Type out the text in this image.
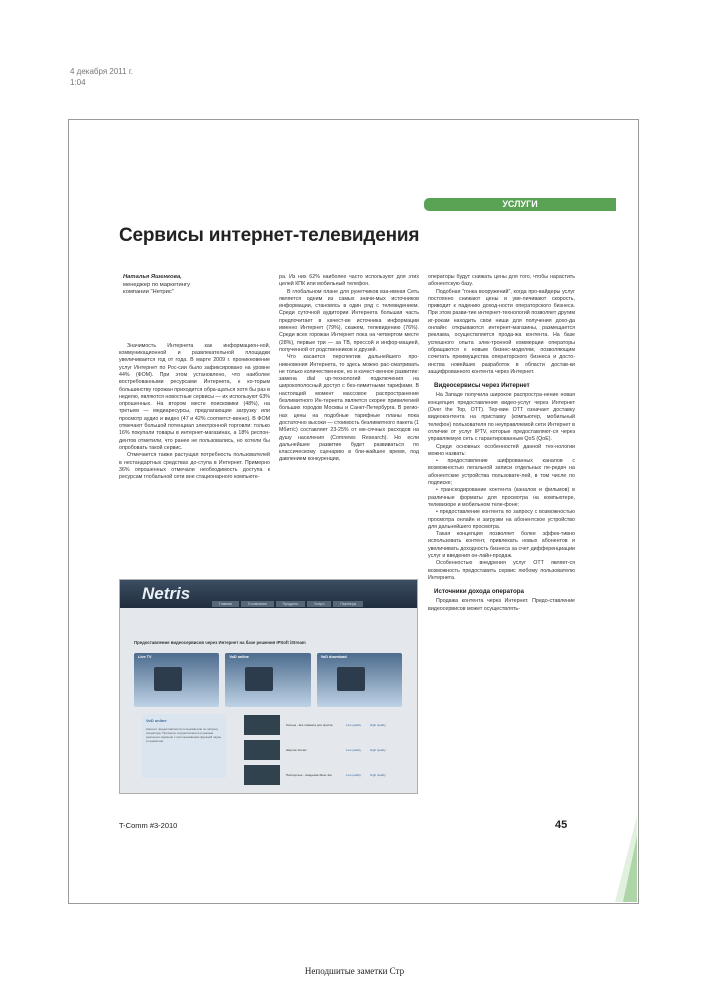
4 декабря 2011 г.
1:04
УСЛУГИ
Сервисы интернет-телевидения
Наталья Яшенкова,
менеджер по маркетингу
компании "Нетрис"

Значимость Интернета как информацион-ной, коммуникационной и развлекательной площадки увеличивается год от года. В марте 2009 г. проникновение услуг Интернет по Рос-сии было зафиксировано на уровне 44% (ФОМ). При этом установлено, что наиболее востребованными ресурсами Интернета, к ко-торым большинству горожан приходится обра-щаться хотя бы раз в неделю, являются новостные сервисы — их используют 63% опрошенных. На втором месте поисковики (48%), на третьем — медиаресурсы, предлагающие загрузку или просмотр аудио и видео (47 и 42% соответст-венно). В ФОМ отмечают большой потенциал электронной торговли: только 16% покупали товары в интернет-магазинах, а 18% респон-дентов отметили, что ранее не пользовались, но хотели бы опробовать такой сервис.

Отмечается также растущая потребность пользователей в нестандартных средствах до-ступа в Интернет. Примерно 36% опрошенных отмечали необходимость доступа к ресурсам глобальной сети вне стационарного компьюте-

ра. Из них 62% наиболее часто используют для этих целей КПК или мобильный телефон.

В глобальном плане для рунетчиков вза-имная Сеть является одним из самых значи-мых источников информации, становясь в один ряд с телевидением. Среди суточной аудитории Интернета большая часть предпочитает в качест-ве источника информации именно Интернет (79%), скажем, телевидению (76%). Среди всех горожан Интернет пока на четвертом месте (28%), первые три — за ТВ, прессой и инфор-мацией, полученной от родственников и друзей.

Что касается перспектив дальнейшего про-никновения Интернета, то здесь можно рас-сматривать не только количественное, но и качест-венное развитие: замена dial up-технологий подключения на широкополосный доступ с без-лимитными тарифами. В настоящий момент массовое распространение безлимитного Ин-тернета является скорее привилегией больших городов Москвы и Санкт-Петербурга. В регио-нах цены на подобные тарифные планы пока достаточно высоки — стоимость безлимитного пакета (1 Мбит/с) составляет 23-25% от ме-сячных расходов на душу населения (Comnews Research). Но если дальнейшее развитие будет развиваться по классическому сценарию в бли-жайшее время, под давлением конкуренции,

операторы будут снижать цены для того, чтобы нарастить абонентскую базу.

Подобная "гонка вооружений", когда про-вайдеры услуг постоянно снижают цены и уве-личивают скорость, приводит к падению доход-ности операторского бизнеса. При этом разви-тие интернет-технологий позволяет другим иг-рокам находить свои ниши для получения дохо-да онлайн: открываются интернет-магазины, размещается реклама, осуществляется прода-жа контента. На базе успешного опыта элек-тронной коммерции операторы обращаются к новым бизнес-моделям, позволяющим сочетать преимущества операторского бизнеса и досто-инства новейших разработок в области достав-ки защифрованного контента через Интернет.

Видеосервисы через Интернет

На Западе получила широкое распростра-нение новая концепция предоставления видео-услуг через Интернет (Over the Top, OTT). Тер-мин OTT означает доставку видеоконтента на приставку (компьютер, мобильный телефон) пользователя по неуправляемой сети Интернет в отличие от услуг IPTV, которые предоставляют-ся через управляемую сеть с гарантированным QoS (QoE).

Среди основных особенностей данной тех-нологии можно назвать:

• предоставление шифрованных каналов с возможностью легальной записи отдельных пе-редач на абонентские устройства пользовате-лей, в том числе по подписке;

• транскодирование контента (каналов и фильмов) в различные форматы для просмотра на компьютере, телевизоре и мобильном теле-фоне;

• предоставление контента по запросу с возможностью просмотра онлайн и загрузки на абонентское устройство для дальнейшего просмотра.

Такая концепция позволяет более эффек-тивно использовать контент, привлекать новых абонентов и увеличивать доходность бизнеса за счет дифференциации услуг и введения он-лайн-продаж.

Особенностью внедрения услуг OTT являет-ся возможность предоставить сервис любому пользователю Интернета.

Источники дохода оператора

Продажа контента через Интернет. Предо-ставление видеосервисов может осуществлять-

Netris
Главная	О компании	Продукты	Услуги	Партнеры
Предоставление видеосервисов через Интернет на базе решения IPSoft iStream
Live TV	VoD online	VoD download
VoD online
Контент предоставляется пользователю по запросу оператора. Просмотр осуществляется в режиме реального времени с использованием функций паузы и перемотки.
Кольца - все правила для проспа	Low quality	High quality
Шерлок Холмс	Low quality	High quality
Паспортное - Академик Meet Joe	Low quality	High quality
T-Comm #3-2010	45
Неподшитые заметки Стр
